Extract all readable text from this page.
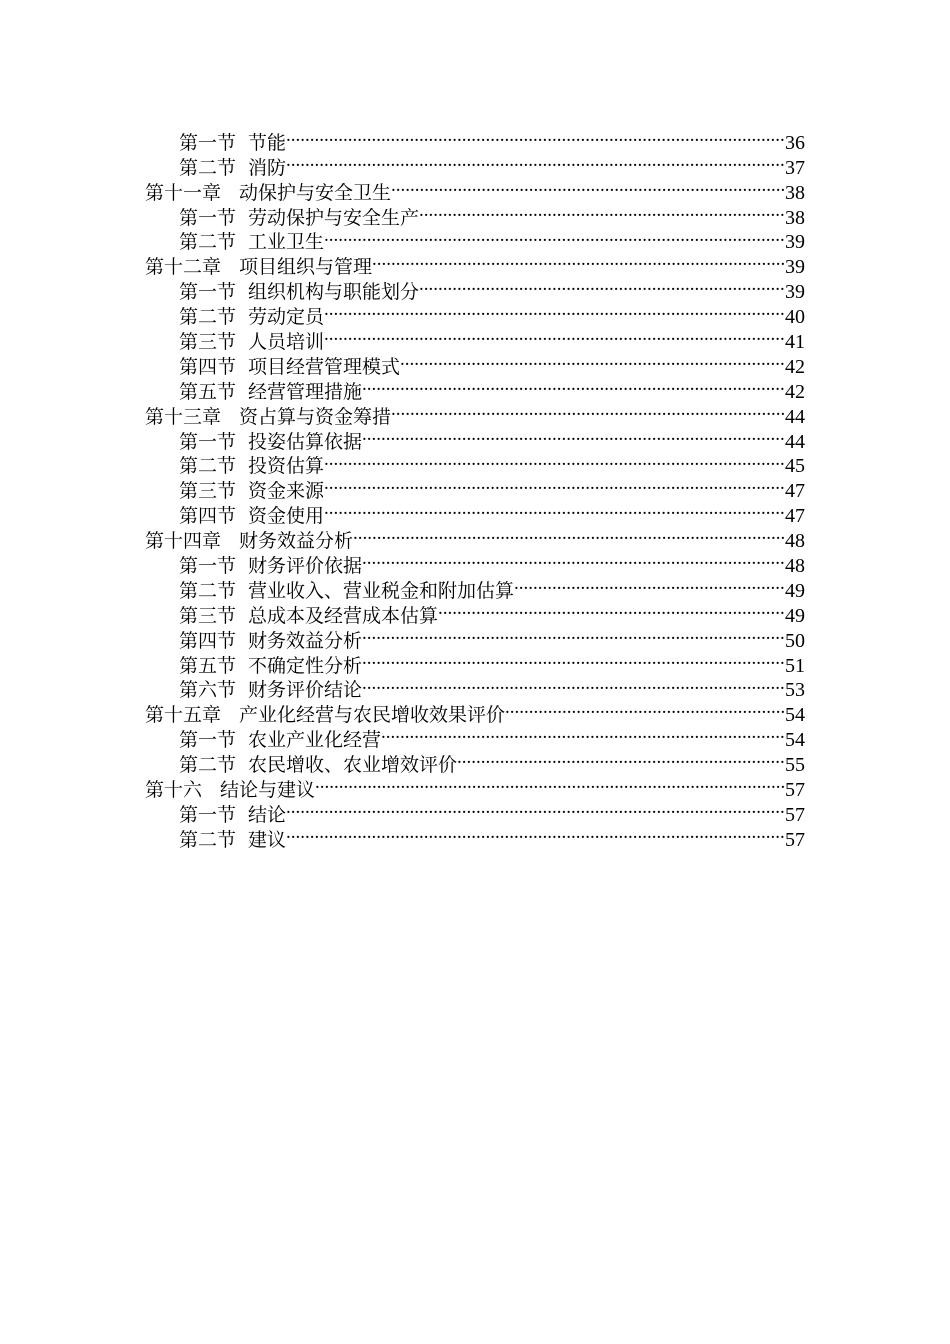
第一节 节能 .....	36
第二节 消防 .....	37
第十一章 动保护与安全卫生 .....	38
第一节 劳动保护与安全生产 .....	38
第二节 工业卫生 .....	39
第十二章 项目组织与管理 .....	39
第一节 组织机构与职能划分 .....	39
第二节 劳动定员 .....	40
第三节 人员培训 .....	41
第四节 项目经营管理模式 .....	42
第五节 经营管理措施 .....	42
第十三章 资占算与资金筹措 .....	44
第一节 投姿估算依据 .....	44
第二节 投资估算 .....	45
第三节 资金来源 .....	47
第四节 资金使用 .....	47
第十四章 财务效益分析 .....	48
第一节 财务评价依据 .....	48
第二节 营业收入、营业税金和附加估算 .....	49
第三节 总成本及经营成本估算 .....	49
第四节 财务效益分析 .....	50
第五节 不确定性分析 .....	51
第六节 财务评价结论 .....	53
第十五章 产业化经营与农民增收效果评价 .....	54
第一节 农业产业化经营 .....	54
第二节 农民增收、农业增效评价 .....	55
第十六 结论与建议 .....	57
第一节 结论 .....	57
第二节 建议 .....	57
